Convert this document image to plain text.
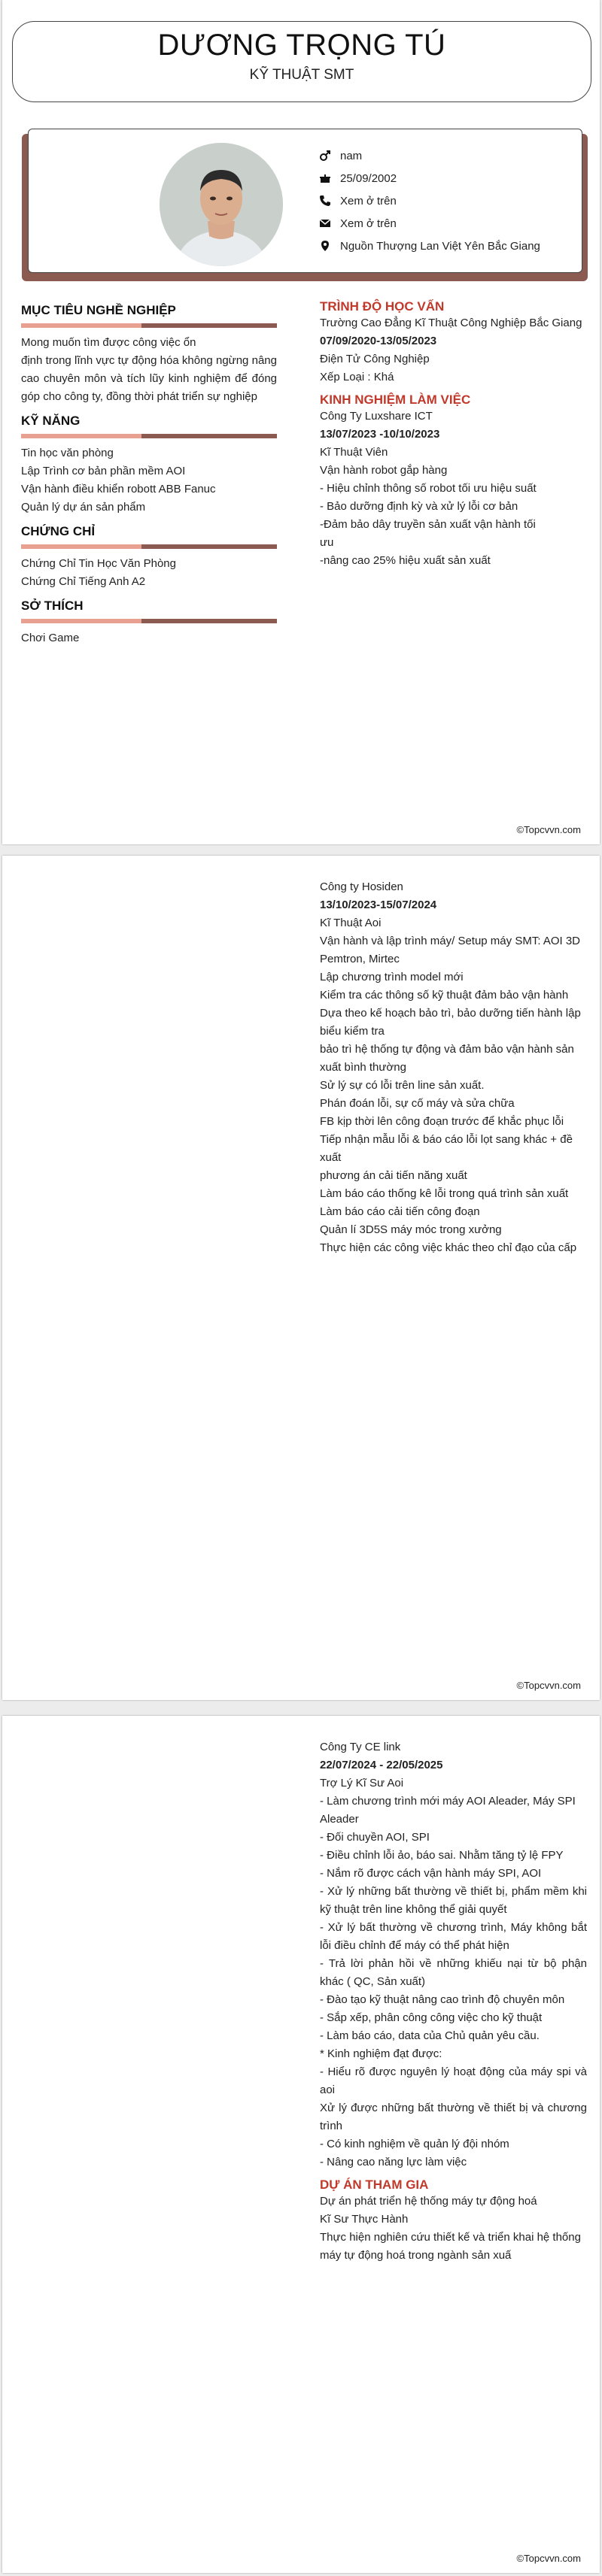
DƯƠNG TRỌNG TÚ
KỸ THUẬT SMT
nam
25/09/2002
Xem ở trên
Xem ở trên
Nguồn Thượng Lan Việt Yên Bắc Giang
MỤC TIÊU NGHỀ NGHIỆP
Mong muốn tìm được công việc ổn
định trong lĩnh vực tự động hóa không ngừng nâng cao chuyên môn và tích lũy kinh nghiệm để đóng góp cho công ty, đồng thời phát triển sự nghiệp
KỸ NĂNG
Tin học văn phòng
Lập Trình cơ bản phần mềm AOI
Vận hành điều khiển robott ABB Fanuc
Quản lý dự án sản phẩm
CHỨNG CHỈ
Chứng Chỉ Tin Học Văn Phòng
Chứng Chỉ Tiếng Anh A2
SỞ THÍCH
Chơi Game
TRÌNH ĐỘ HỌC VẤN
Trường Cao Đẳng Kĩ Thuật Công Nghiệp Bắc Giang
07/09/2020-13/05/2023
Điện Tử Công Nghiệp
Xếp Loại : Khá
KINH NGHIỆM LÀM VIỆC
Công Ty Luxshare ICT
13/07/2023 -10/10/2023
Kĩ Thuật Viên
Vận hành robot gắp hàng
- Hiệu chỉnh thông số robot tối ưu hiệu suất
- Bảo dưỡng định kỳ và xử lý lỗi cơ bản
-Đảm bảo dây truyền sản xuất vận hành tối ưu
-nâng cao 25% hiệu xuất sản xuất
©Topcvvn.com
Công ty Hosiden
13/10/2023-15/07/2024
Kĩ Thuật Aoi
Vận hành và lập trình máy/ Setup máy SMT: AOI 3D
Pemtron, Mirtec
Lập chương trình model mới
Kiểm tra các thông số kỹ thuật đảm bảo vận hành
Dựa theo kế hoạch bảo trì, bảo dưỡng tiến hành lập
biểu kiểm tra
bảo trì hệ thống tự động và đảm bảo vận hành sản
xuất bình thường
Sử lý sự có lỗi trên line sản xuất.
Phán đoán lỗi, sự cố máy và sửa chữa
FB kịp thời lên công đoạn trước để khắc phục lỗi
Tiếp nhận mẫu lỗi & báo cáo lỗi lọt sang khác + đề xuất
phương án cải tiến năng xuất
Làm báo cáo thống kê lỗi trong quá trình sản xuất
Làm báo cáo cải tiến công đoạn
Quản lí 3D5S máy móc trong xưởng
Thực hiện các công việc khác theo chỉ đạo của cấp
©Topcvvn.com
Công Ty CE link
22/07/2024 - 22/05/2025
Trợ Lý Kĩ Sư Aoi
- Làm chương trình mới máy AOI Aleader, Máy SPI Aleader
- Đối chuyền AOI, SPI
- Điều chỉnh lỗi ảo, báo sai. Nhằm tăng tỷ lệ FPY
- Nắm rõ được cách vận hành máy SPI, AOI
- Xử lý những bất thường về thiết bị, phẩm mềm khi kỹ thuật trên line không thể giải quyết
- Xử lý bất thường về chương trình, Máy không bắt lỗi điều chỉnh để máy có thể phát hiện
- Trả lời phản hồi về những khiếu nại từ bộ phận khác ( QC, Sản xuất)
- Đào tạo kỹ thuật nâng cao trình độ chuyên môn
- Sắp xếp, phân công công việc cho kỹ thuật
- Làm báo cáo, data của Chủ quản yêu cầu.
* Kinh nghiệm đạt được:
- Hiểu rõ được nguyên lý hoạt động của máy spi và aoi
Xử lý được những bất thường về thiết bị và chương trình
- Có kinh nghiệm về quản lý đội nhóm
- Nâng cao năng lực làm việc
DỰ ÁN THAM GIA
Dự án phát triển hệ thống máy tự động hoá
Kĩ Sư Thực Hành
Thực hiện nghiên cứu thiết kế và triển khai hệ thống
máy tự động hoá trong ngành sản xuấ
©Topcvvn.com
